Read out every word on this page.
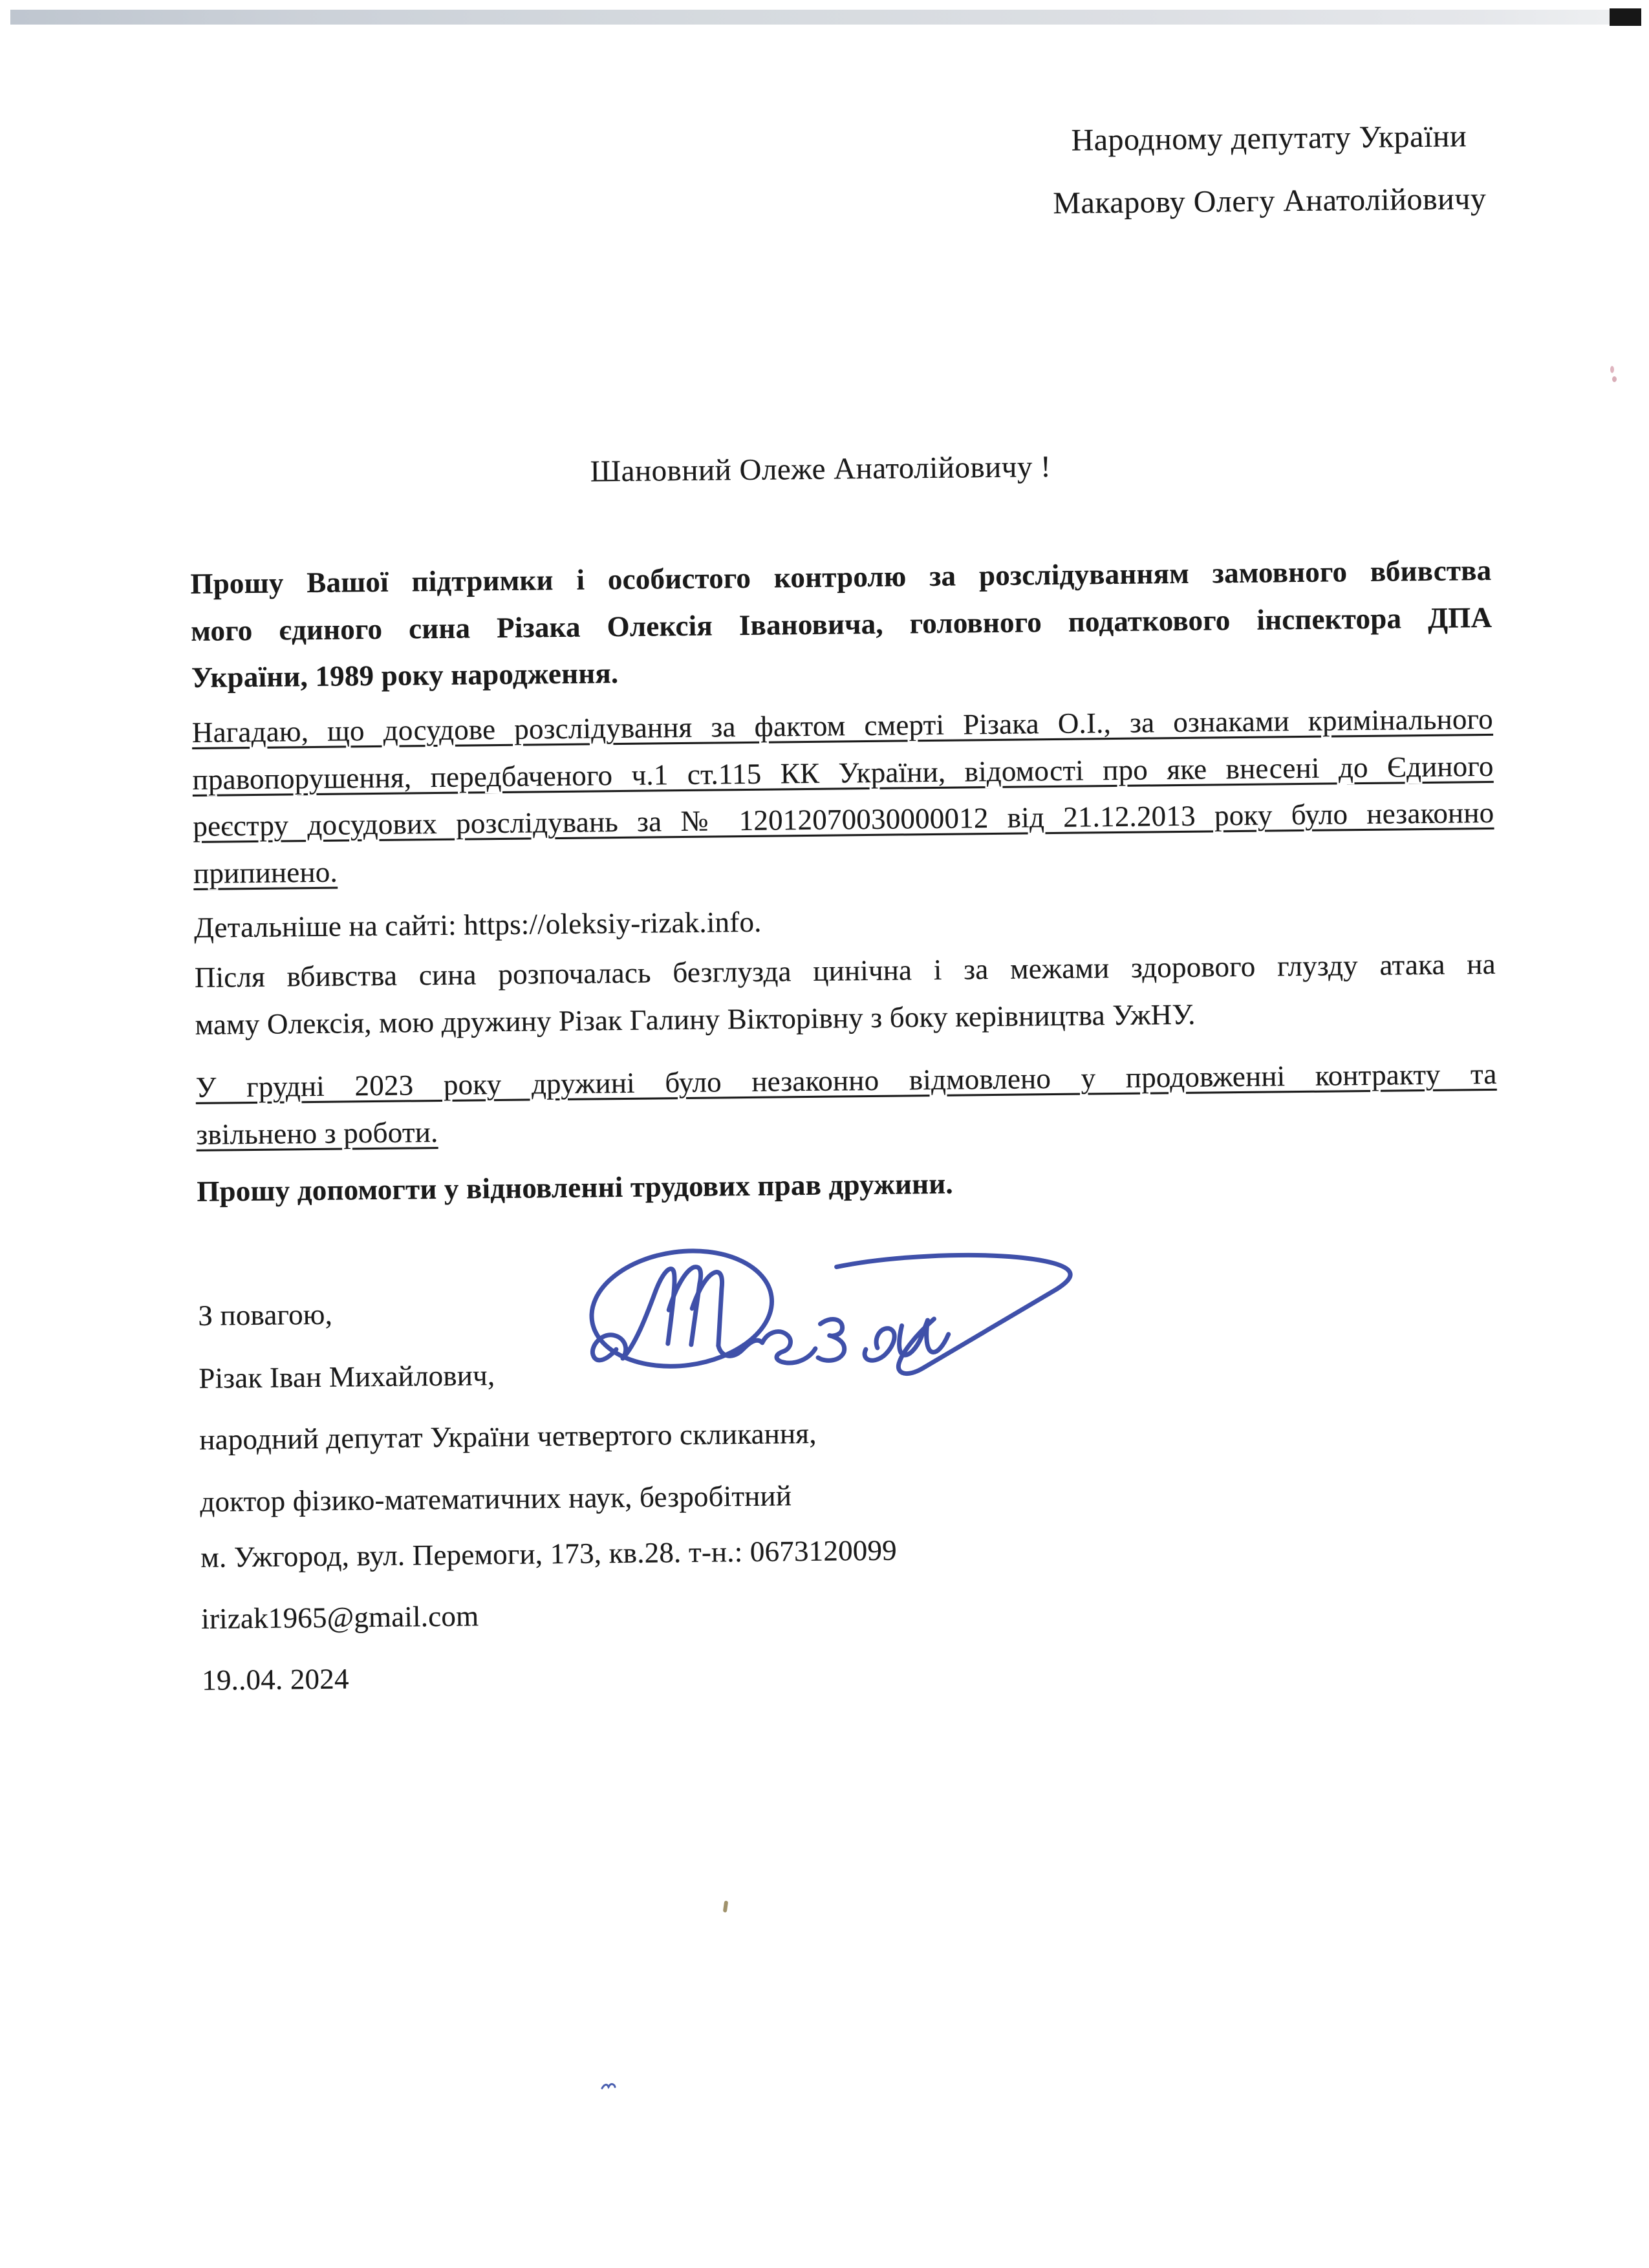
Народному депутату України
Макарову Олегу Анатолійовичу
Шановний Олеже Анатолійовичу !
Прошу Вашої підтримки і особистого контролю за розслідуванням замовного вбивства
мого єдиного сина Різака Олексія Івановича, головного податкового інспектора ДПА
України, 1989 року народження.
Нагадаю, що досудове розслідування за фактом смерті Різака О.І., за ознаками кримінального
правопорушення, передбаченого ч.1 ст.115 КК України, відомості про яке внесені до Єдиного
реєстру досудових розслідувань за № 12012070030000012 від 21.12.2013 року було незаконно
припинено.
Детальніше на сайті: https://oleksiy-rizak.info.
Після вбивства сина розпочалась безглузда цинічна і за межами здорового глузду атака на
маму Олексія, мою дружину Різак Галину Вікторівну з боку керівництва УжНУ.
У грудні 2023 року дружині було незаконно відмовлено у продовженні контракту та
звільнено з роботи.
Прошу допомогти у відновленні трудових прав дружини.
З повагою,
Різак Іван Михайлович,
народний депутат України четвертого скликання,
доктор фізико-математичних наук, безробітний
м. Ужгород, вул. Перемоги, 173, кв.28. т-н.: 0673120099
irizak1965@gmail.com
19..04. 2024
